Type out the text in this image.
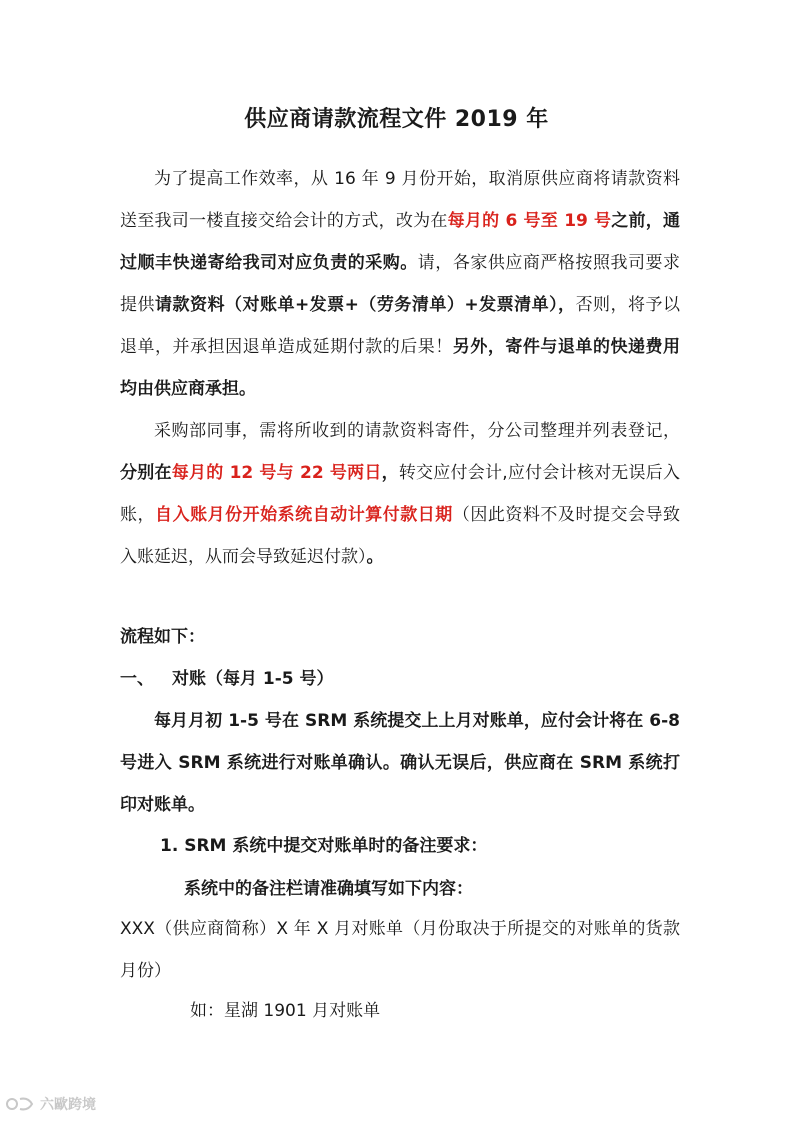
供应商请款流程文件 2019 年

为了提高工作效率，从 16 年 9 月份开始，取消原供应商将请款资料送至我司一楼直接交给会计的方式，改为在每月的 6 号至 19 号之前，通过顺丰快递寄给我司对应负责的采购。请，各家供应商严格按照我司要求提供请款资料（对账单+发票+（劳务清单）+发票清单），否则，将予以退单，并承担因退单造成延期付款的后果！另外，寄件与退单的快递费用均由供应商承担。

采购部同事，需将所收到的请款资料寄件，分公司整理并列表登记，分别在每月的 12 号与 22 号两日，转交应付会计,应付会计核对无误后入账，自入账月份开始系统自动计算付款日期（因此资料不及时提交会导致入账延迟，从而会导致延迟付款）。

流程如下：
一、 对账（每月 1-5 号）

每月月初 1-5 号在 SRM 系统提交上上月对账单，应付会计将在 6-8 号进入 SRM 系统进行对账单确认。确认无误后，供应商在 SRM 系统打印对账单。

1. SRM 系统中提交对账单时的备注要求：
系统中的备注栏请准确填写如下内容：

XXX（供应商简称）X 年 X 月对账单（月份取决于所提交的对账单的货款月份）

如：星湖 1901 月对账单
六歐跨境
